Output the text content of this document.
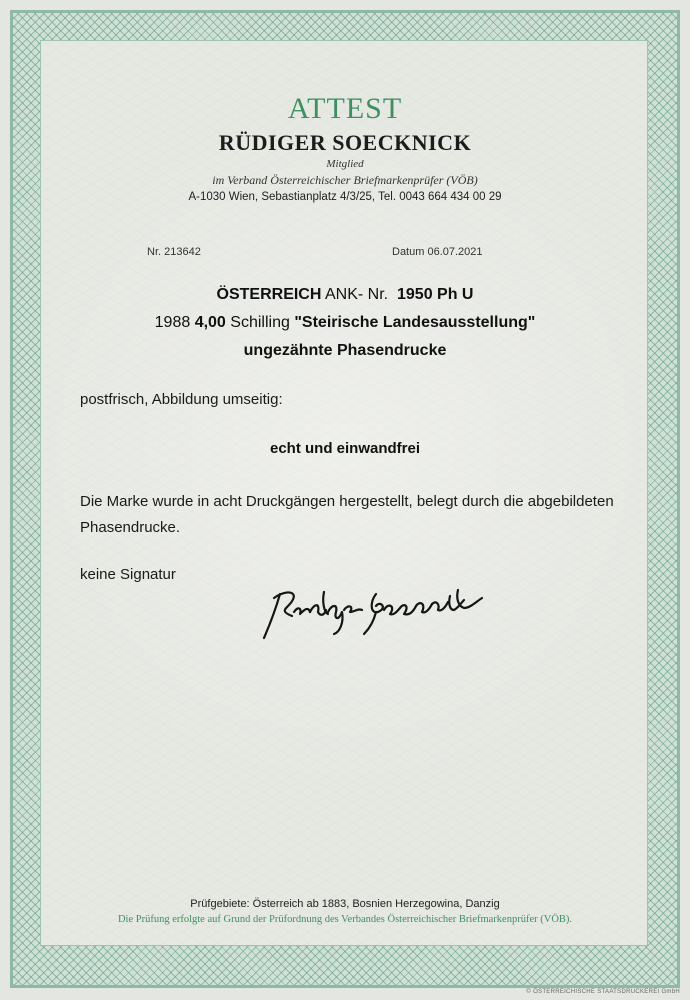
ATTEST
RÜDIGER SOECKNICK
Mitglied
im Verband Österreichischer Briefmarkenprüfer (VÖB)
A-1030 Wien, Sebastianplatz 4/3/25, Tel. 0043 664 434 00 29
Nr. 213642	Datum 06.07.2021
ÖSTERREICH ANK- Nr. 1950 Ph U
1988 4,00 Schilling "Steirische Landesausstellung"
ungezähnte Phasendrucke
postfrisch, Abbildung umseitig:
echt und einwandfrei
Die Marke wurde in acht Druckgängen hergestellt, belegt durch die abgebildeten Phasendrucke.
keine Signatur
Prüfgebiete: Österreich ab 1883, Bosnien Herzegowina, Danzig
Die Prüfung erfolgte auf Grund der Prüfordnung des Verbandes Österreichischer Briefmarkenprüfer (VÖB).
© ÖSTERREICHISCHE STAATSDRUCKEREI GmbH
